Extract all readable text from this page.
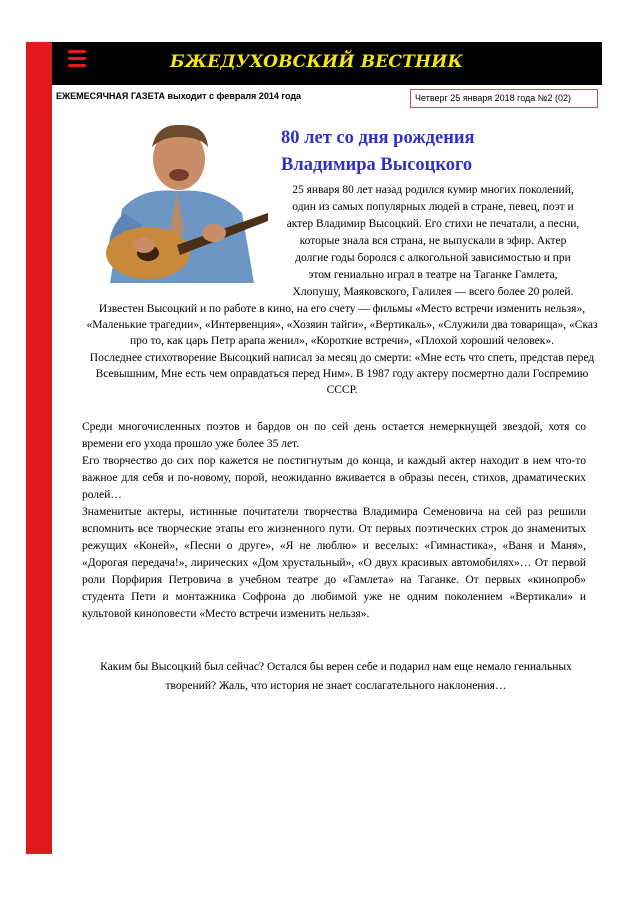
БЖЕДУХОВСКИЙ ВЕСТНИК
ЕЖЕМЕСЯЧНАЯ ГАЗЕТА выходит с февраля 2014 года	Четверг 25 января 2018 года №2 (02)
80 лет со дня рождения
Владимира Высоцкого
25 января 80 лет назад родился кумир многих поколений, один из самых популярных людей в стране, певец, поэт и актер Владимир Высоцкий. Его стихи не печатали, а песни, которые знала вся страна, не выпускали в эфир. Актер долгие годы боролся с алкогольной зависимостью и при этом гениально играл в театре на Таганке Гамлета, Хлопушу, Маяковского, Галилея — всего более 20 ролей.

Известен Высоцкий и по работе в кино, на его счету — фильмы «Место встречи изменить нельзя», «Маленькие трагедии», «Интервенция», «Хозяин тайги», «Вертикаль», «Служили два товарища», «Сказ про то, как царь Петр арапа женил», «Короткие встречи», «Плохой хороший человек».

Последнее стихотворение Высоцкий написал за месяц до смерти: «Мне есть что спеть, представ перед Всевышним, Мне есть чем оправдаться перед Ним». В 1987 году актеру посмертно дали Госпремию СССР.

Среди многочисленных поэтов и бардов он по сей день остается немеркнущей звездой, хотя со времени его ухода прошло уже более 35 лет.

Его творчество до сих пор кажется не постигнутым до конца, и каждый актер находит в нем что-то важное для себя и по-новому, порой, неожиданно вживается в образы песен, стихов, драматических ролей…

Знаменитые актеры, истинные почитатели творчества Владимира Семеновича на сей раз решили вспомнить все творческие этапы его жизненного пути. От первых поэтических строк до знаменитых режущих «Коней», «Песни о друге», «Я не люблю» и веселых: «Гимнастика», «Ваня и Маня», «Дорогая передача!», лирических «Дом хрустальный», «О двух красивых автомобилях»… От первой роли Порфирия Петровича в учебном театре до «Гамлета» на Таганке. От первых «кинопроб» студента Пети и монтажника Софрона до любимой уже не одним поколением «Вертикали» и культовой киноповести «Место встречи изменить нельзя».

Каким бы Высоцкий был сейчас? Остался бы верен себе и подарил нам еще немало гениальных творений? Жаль, что история не знает сослагательного наклонения…
